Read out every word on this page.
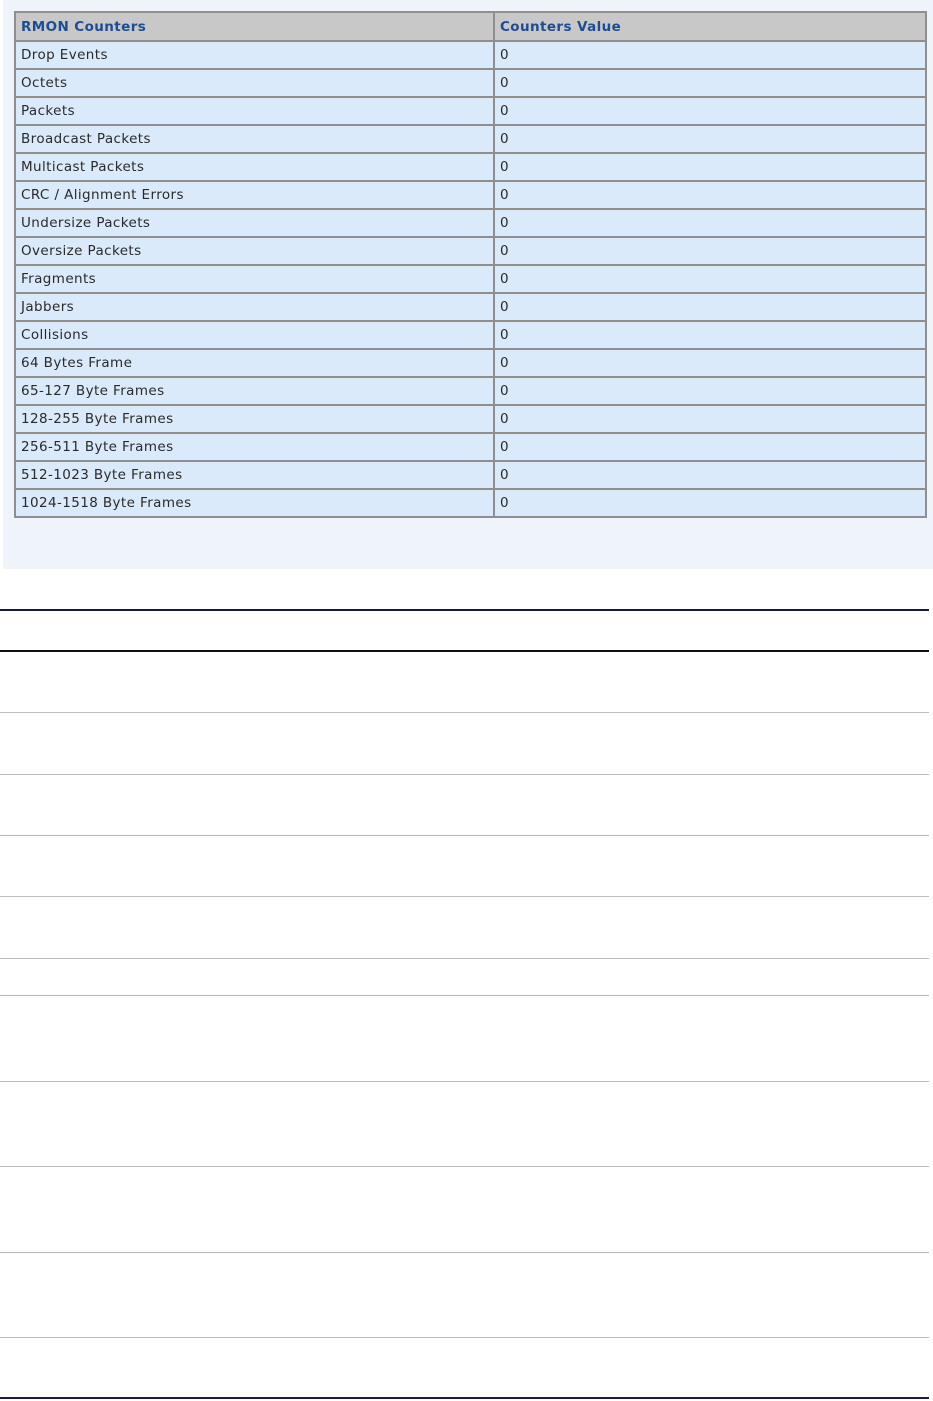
RMON Counters	Counters Value
Drop Events	0
Octets	0
Packets	0
Broadcast Packets	0
Multicast Packets	0
CRC / Alignment Errors	0
Undersize Packets	0
Oversize Packets	0
Fragments	0
Jabbers	0
Collisions	0
64 Bytes Frame	0
65-127 Byte Frames	0
128-255 Byte Frames	0
256-511 Byte Frames	0
512-1023 Byte Frames	0
1024-1518 Byte Frames	0
